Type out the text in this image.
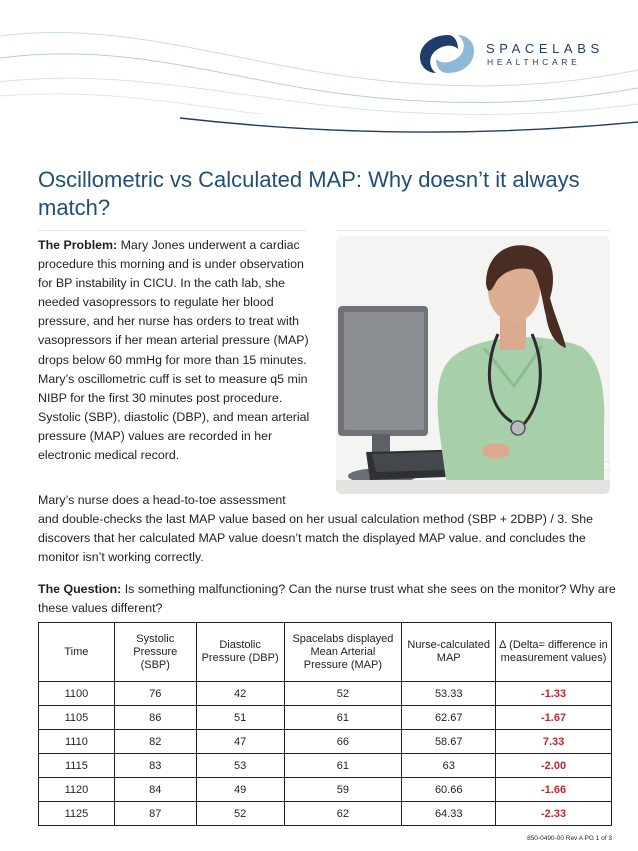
SPACELABS
HEALTHCARE
Oscillometric vs Calculated MAP: Why doesn’t it always match?

The Problem: Mary Jones underwent a cardiac procedure this morning and is under observation for BP instability in CICU. In the cath lab, she needed vasopressors to regulate her blood pressure, and her nurse has orders to treat with vasopressors if her mean arterial pressure (MAP) drops below 60 mmHg for more than 15 minutes. Mary’s oscillometric cuff is set to measure q5 min NIBP for the first 30 minutes post procedure. Systolic (SBP), diastolic (DBP), and mean arterial pressure (MAP) values are recorded in her electronic medical record.

Mary’s nurse does a head-to-toe assessment
and double-checks the last MAP value based on her usual calculation method (SBP + 2DBP) / 3. She discovers that her calculated MAP value doesn’t match the displayed MAP value. and concludes the monitor isn’t working correctly.

The Question: Is something malfunctioning? Can the nurse trust what she sees on the monitor? Why are these values different?

Time	Systolic Pressure (SBP)	Diastolic Pressure (DBP)	Spacelabs displayed Mean Arterial Pressure (MAP)	Nurse-calculated MAP	∆ (Delta= difference in measurement values)
1100	76	42	52	53.33	-1.33
1105	86	51	61	62.67	-1.67
1110	82	47	66	58.67	7.33
1115	83	53	61	63	-2.00
1120	84	49	59	60.66	-1.66
1125	87	52	62	64.33	-2.33
850-0490-00 Rev A PG 1 of 3
